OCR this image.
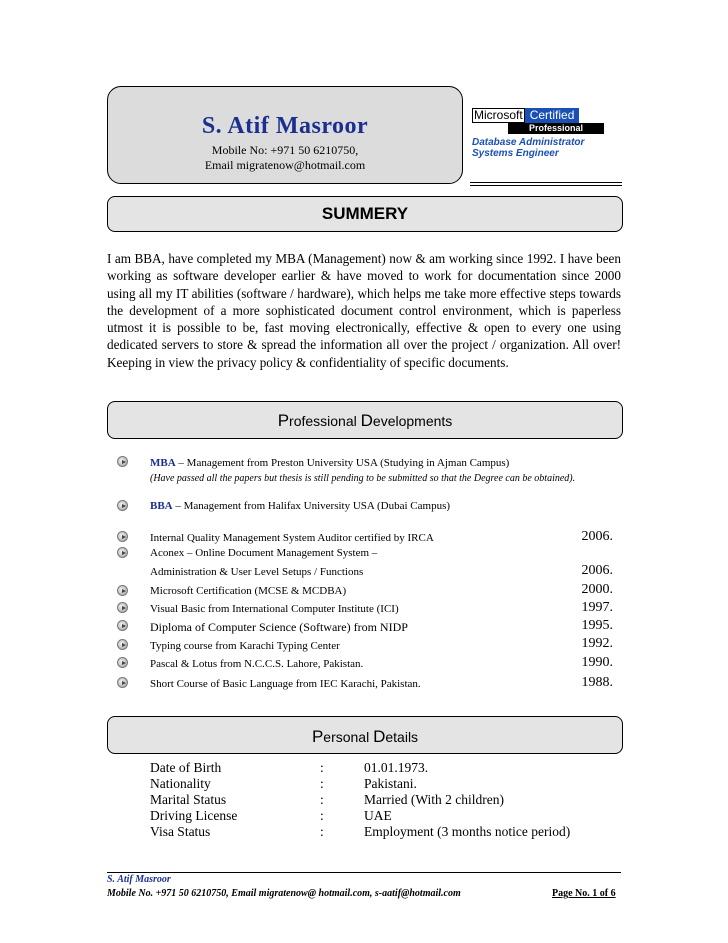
S. Atif Masroor
Mobile No: +971 50 6210750,
Email migratenow@hotmail.com
Microsoft Certified
Professional
Database Administrator
Systems Engineer
SUMMERY
I am BBA, have completed my MBA (Management) now & am working since 1992. I have been working as software developer earlier & have moved to work for documentation since 2000 using all my IT abilities (software / hardware), which helps me take more effective steps towards the development of a more sophisticated document control environment, which is paperless utmost it is possible to be, fast moving electronically, effective & open to every one using dedicated servers to store & spread the information all over the project / organization. All over! Keeping in view the privacy policy & confidentiality of specific documents.
Professional Developments
MBA – Management from Preston University USA (Studying in Ajman Campus)
(Have passed all the papers but thesis is still pending to be submitted so that the Degree can be obtained).
BBA – Management from Halifax University USA (Dubai Campus)
Internal Quality Management System Auditor certified by IRCA	2006.
Aconex – Online Document Management System –
Administration & User Level Setups / Functions	2006.
Microsoft Certification (MCSE & MCDBA)	2000.
Visual Basic from International Computer Institute (ICI)	1997.
Diploma of Computer Science (Software) from NIDP	1995.
Typing course from Karachi Typing Center	1992.
Pascal & Lotus from N.C.C.S. Lahore, Pakistan.	1990.
Short Course of Basic Language from IEC Karachi, Pakistan.	1988.
Personal Details
Date of Birth	:	01.01.1973.
Nationality	:	Pakistani.
Marital Status	:	Married (With 2 children)
Driving License	:	UAE
Visa Status	:	Employment (3 months notice period)
S. Atif Masroor
Mobile No. +971 50 6210750, Email migratenow@ hotmail.com, s-aatif@hotmail.com	Page No. 1 of 6
